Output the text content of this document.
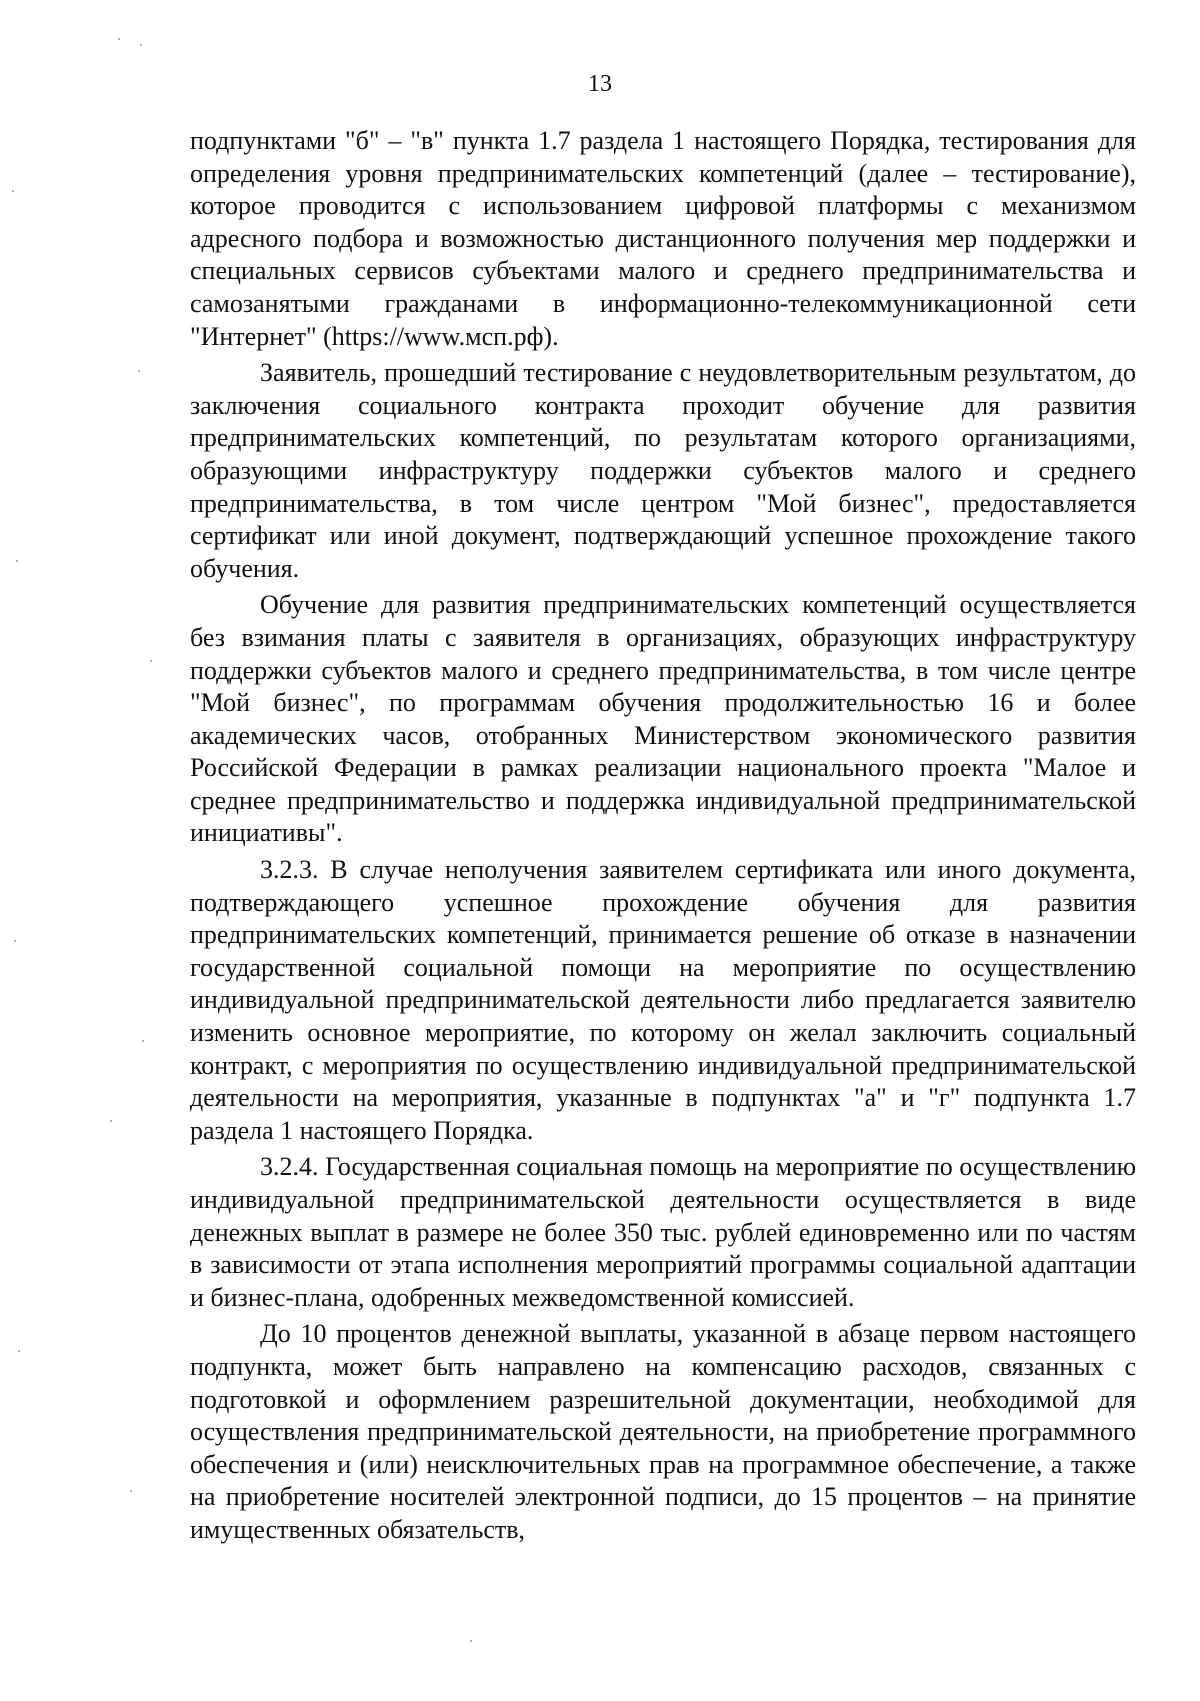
13

подпунктами "б" – "в" пункта 1.7 раздела 1 настоящего Порядка, тестирования для определения уровня предпринимательских компетенций (далее – тестирование), которое проводится с использованием цифровой платформы с механизмом адресного подбора и возможностью дистанционного получения мер поддержки и специальных сервисов субъектами малого и среднего предпринимательства и самозанятыми гражданами в информационно-телекоммуникационной сети "Интернет" (https://www.мсп.рф).

Заявитель, прошедший тестирование с неудовлетворительным результатом, до заключения социального контракта проходит обучение для развития предпринимательских компетенций, по результатам которого организациями, образующими инфраструктуру поддержки субъектов малого и среднего предпринимательства, в том числе центром "Мой бизнес", предоставляется сертификат или иной документ, подтверждающий успешное прохождение такого обучения.

Обучение для развития предпринимательских компетенций осуществляется без взимания платы с заявителя в организациях, образующих инфраструктуру поддержки субъектов малого и среднего предпринимательства, в том числе центре "Мой бизнес", по программам обучения продолжительностью 16 и более академических часов, отобранных Министерством экономического развития Российской Федерации в рамках реализации национального проекта "Малое и среднее предпринимательство и поддержка индивидуальной предпринимательской инициативы".

3.2.3. В случае неполучения заявителем сертификата или иного документа, подтверждающего успешное прохождение обучения для развития предпринимательских компетенций, принимается решение об отказе в назначении государственной социальной помощи на мероприятие по осуществлению индивидуальной предпринимательской деятельности либо предлагается заявителю изменить основное мероприятие, по которому он желал заключить социальный контракт, с мероприятия по осуществлению индивидуальной предпринимательской деятельности на мероприятия, указанные в подпунктах "а" и "г" подпункта 1.7 раздела 1 настоящего Порядка.

3.2.4. Государственная социальная помощь на мероприятие по осуществлению индивидуальной предпринимательской деятельности осуществляется в виде денежных выплат в размере не более 350 тыс. рублей единовременно или по частям в зависимости от этапа исполнения мероприятий программы социальной адаптации и бизнес-плана, одобренных межведомственной комиссией.

До 10 процентов денежной выплаты, указанной в абзаце первом настоящего подпункта, может быть направлено на компенсацию расходов, связанных с подготовкой и оформлением разрешительной документации, необходимой для осуществления предпринимательской деятельности, на приобретение программного обеспечения и (или) неисключительных прав на программное обеспечение, а также на приобретение носителей электронной подписи, до 15 процентов – на принятие имущественных обязательств,
